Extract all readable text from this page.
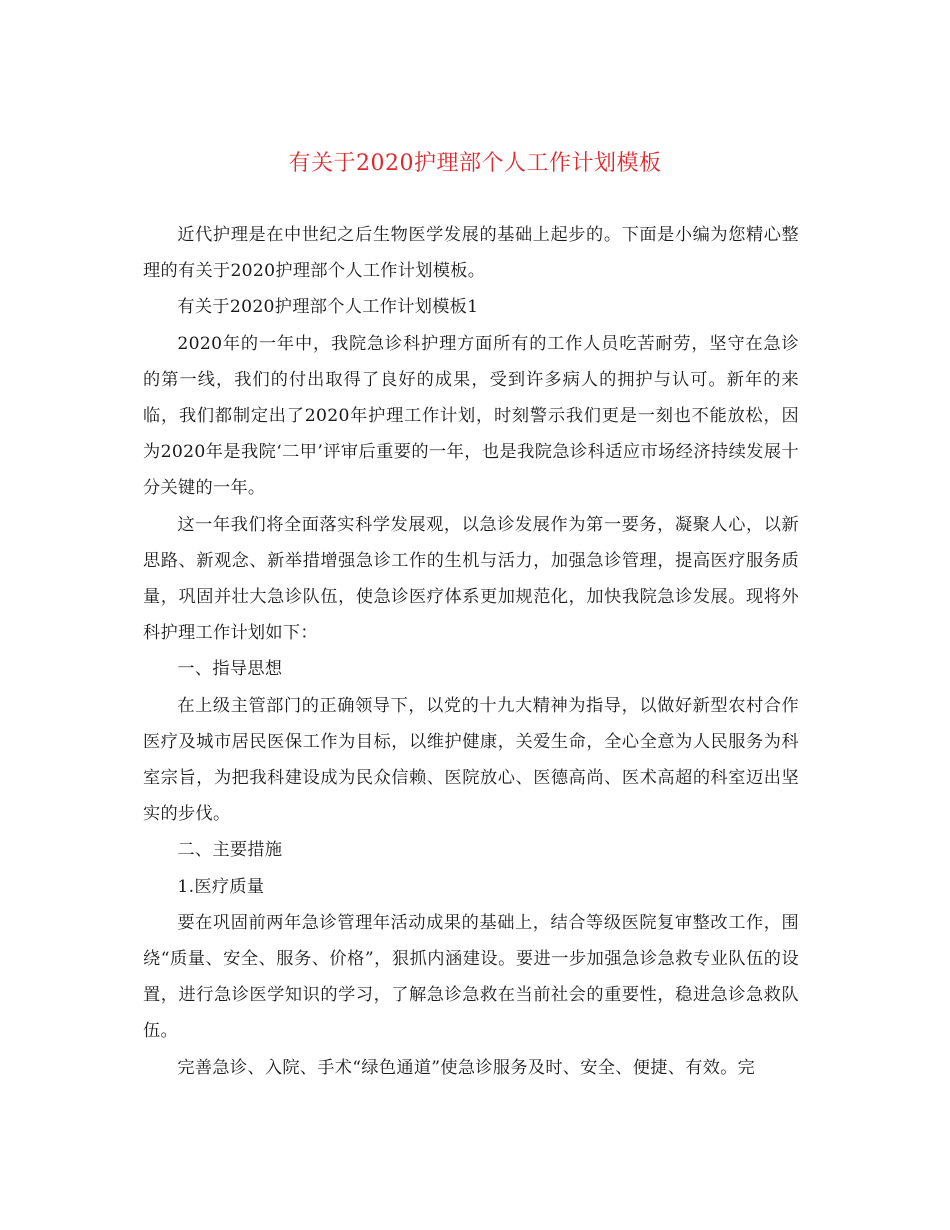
有关于2020护理部个人工作计划模板

近代护理是在中世纪之后生物医学发展的基础上起步的。下面是小编为您精心整理的有关于2020护理部个人工作计划模板。

有关于2020护理部个人工作计划模板1

2020年的一年中，我院急诊科护理方面所有的工作人员吃苦耐劳，坚守在急诊的第一线，我们的付出取得了良好的成果，受到许多病人的拥护与认可。新年的来临，我们都制定出了2020年护理工作计划，时刻警示我们更是一刻也不能放松，因为2020年是我院‘二甲’评审后重要的一年，也是我院急诊科适应市场经济持续发展十分关键的一年。

这一年我们将全面落实科学发展观，以急诊发展作为第一要务，凝聚人心，以新思路、新观念、新举措增强急诊工作的生机与活力，加强急诊管理，提高医疗服务质量，巩固并壮大急诊队伍，使急诊医疗体系更加规范化，加快我院急诊发展。现将外科护理工作计划如下：

一、指导思想

在上级主管部门的正确领导下，以党的十九大精神为指导，以做好新型农村合作医疗及城市居民医保工作为目标，以维护健康，关爱生命，全心全意为人民服务为科室宗旨，为把我科建设成为民众信赖、医院放心、医德高尚、医术高超的科室迈出坚实的步伐。

二、主要措施

1.医疗质量

要在巩固前两年急诊管理年活动成果的基础上，结合等级医院复审整改工作，围绕“质量、安全、服务、价格”，狠抓内涵建设。要进一步加强急诊急救专业队伍的设置，进行急诊医学知识的学习，了解急诊急救在当前社会的重要性，稳进急诊急救队伍。

完善急诊、入院、手术“绿色通道”使急诊服务及时、安全、便捷、有效。完
